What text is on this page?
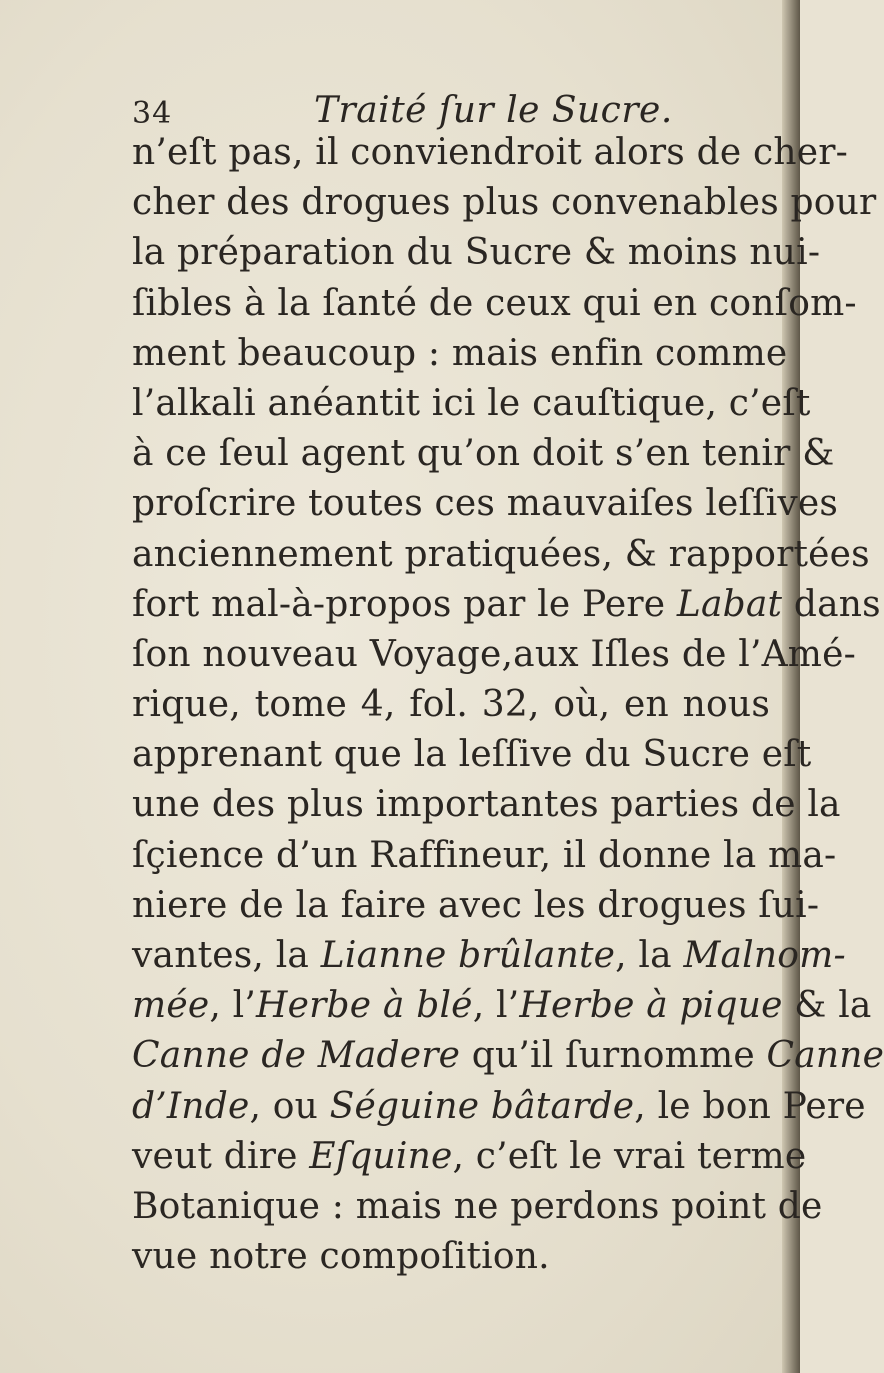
34	Traité ſur le Sucre.
n’eſt pas, il conviendroit alors de cher-
cher des drogues plus convenables pour
la préparation du Sucre & moins nui-
ſibles à la ſanté de ceux qui en conſom-
ment beaucoup : mais enfin comme
l’alkali anéantit ici le cauſtique, c’eſt
à ce ſeul agent qu’on doit s’en tenir &
proſcrire toutes ces mauvaiſes leſſives
anciennement pratiquées, & rapportées
fort mal-à-propos par le Pere Labat dans
ſon nouveau Voyage,aux Iſles de l’Amé-
rique, tome 4, fol. 32, où, en nous
apprenant que la leſſive du Sucre eſt
une des plus importantes parties de la
ſçience d’un Raffineur, il donne la ma-
niere de la faire avec les drogues ſui-
vantes, la Lianne brûlante, la Malnom-
mée, l’Herbe à blé, l’Herbe à pique & la
Canne de Madere qu’il ſurnomme Canne
d’Inde, ou Séguine bâtarde, le bon Pere
veut dire Eſquine, c’eſt le vrai terme
Botanique : mais ne perdons point de
vue notre compoſition.
